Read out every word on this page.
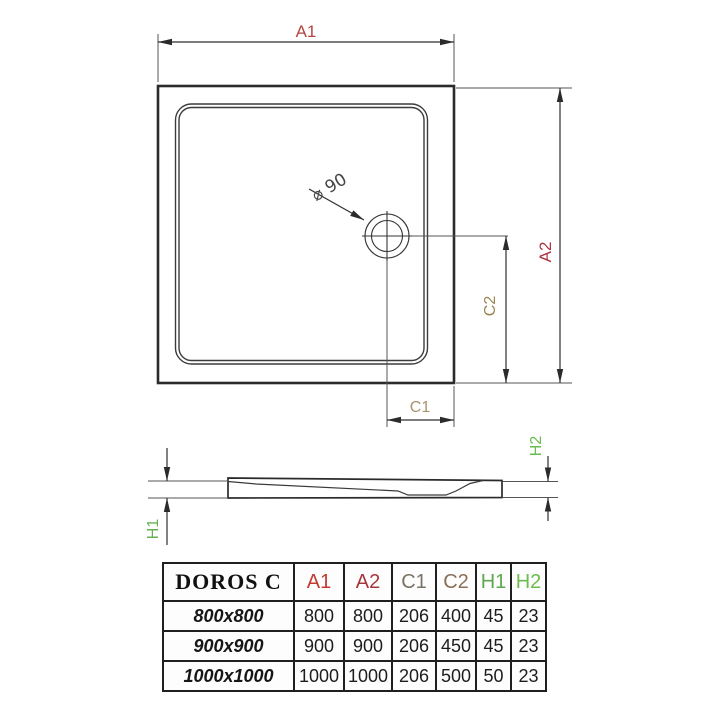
⌀ 90
A1
A2
C2
C1
H1
H2
DOROS C	A1	A2	C1	C2	H1	H2
800x800	800	800	206	400	45	23
900x900	900	900	206	450	45	23
1000x1000	1000	1000	206	500	50	23
